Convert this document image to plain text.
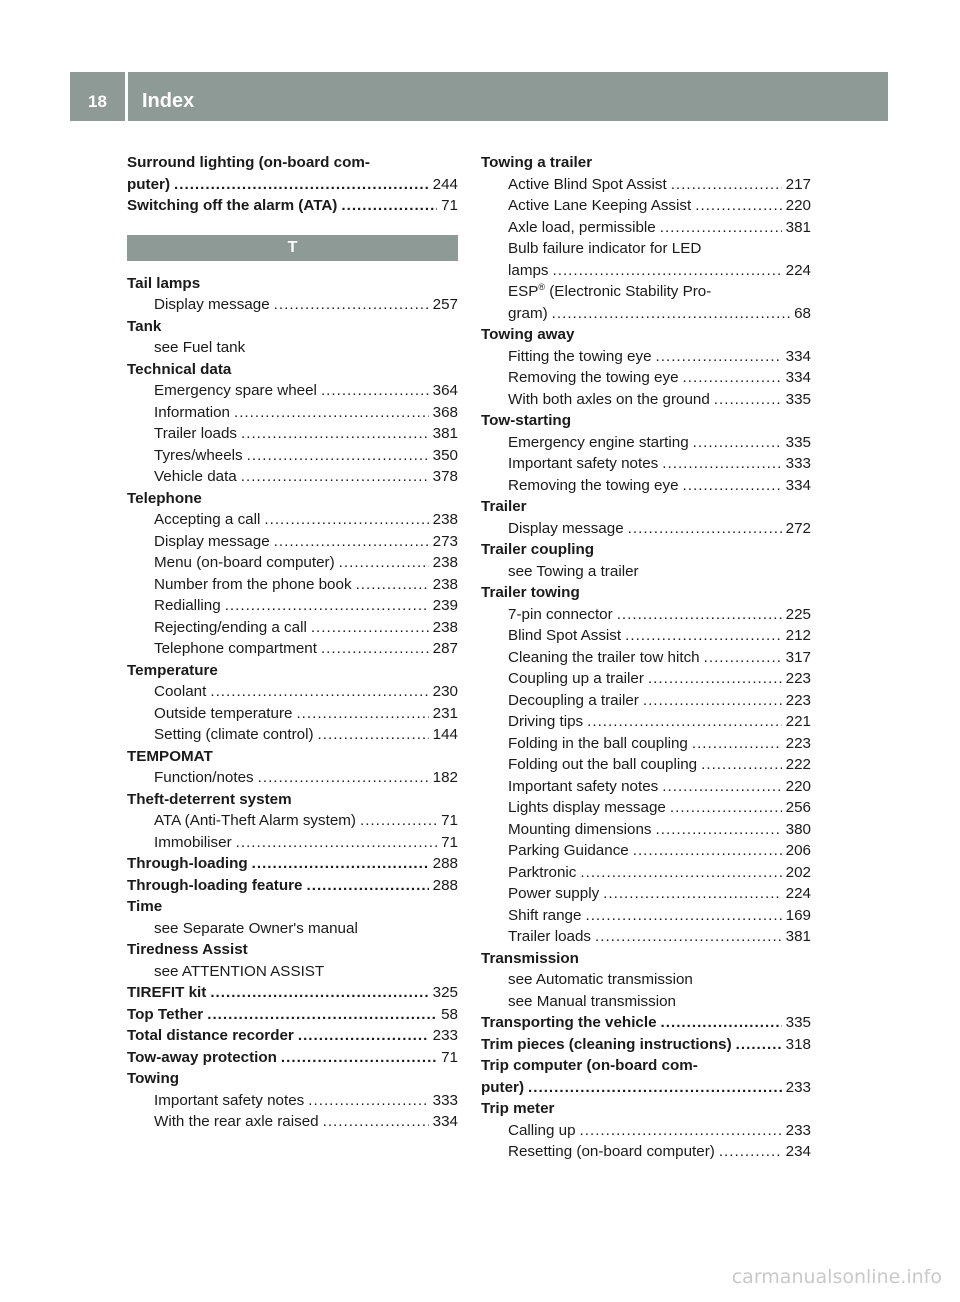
18	Index
Surround lighting (on-board com-
puter) .....	244
Switching off the alarm (ATA) .....	71
T
Tail lamps
Display message .....	257
Tank
see Fuel tank
Technical data
Emergency spare wheel .....	364
Information .....	368
Trailer loads .....	381
Tyres/wheels .....	350
Vehicle data .....	378
Telephone
Accepting a call .....	238
Display message .....	273
Menu (on-board computer) .....	238
Number from the phone book .....	238
Redialling .....	239
Rejecting/ending a call .....	238
Telephone compartment .....	287
Temperature
Coolant .....	230
Outside temperature .....	231
Setting (climate control) .....	144
TEMPOMAT
Function/notes .....	182
Theft-deterrent system
ATA (Anti-Theft Alarm system) .....	71
Immobiliser .....	71
Through-loading .....	288
Through-loading feature .....	288
Time
see Separate Owner's manual
Tiredness Assist
see ATTENTION ASSIST
TIREFIT kit .....	325
Top Tether .....	58
Total distance recorder .....	233
Tow-away protection .....	71
Towing
Important safety notes .....	333
With the rear axle raised .....	334
Towing a trailer
Active Blind Spot Assist .....	217
Active Lane Keeping Assist .....	220
Axle load, permissible .....	381
Bulb failure indicator for LED
lamps .....	224
ESP® (Electronic Stability Pro-
gram) .....	68
Towing away
Fitting the towing eye .....	334
Removing the towing eye .....	334
With both axles on the ground .....	335
Tow-starting
Emergency engine starting .....	335
Important safety notes .....	333
Removing the towing eye .....	334
Trailer
Display message .....	272
Trailer coupling
see Towing a trailer
Trailer towing
7-pin connector .....	225
Blind Spot Assist .....	212
Cleaning the trailer tow hitch .....	317
Coupling up a trailer .....	223
Decoupling a trailer .....	223
Driving tips .....	221
Folding in the ball coupling .....	223
Folding out the ball coupling .....	222
Important safety notes .....	220
Lights display message .....	256
Mounting dimensions .....	380
Parking Guidance .....	206
Parktronic .....	202
Power supply .....	224
Shift range .....	169
Trailer loads .....	381
Transmission
see Automatic transmission
see Manual transmission
Transporting the vehicle .....	335
Trim pieces (cleaning instructions) .....	318
Trip computer (on-board com-
puter) .....	233
Trip meter
Calling up .....	233
Resetting (on-board computer) .....	234
carmanualsonline.info
